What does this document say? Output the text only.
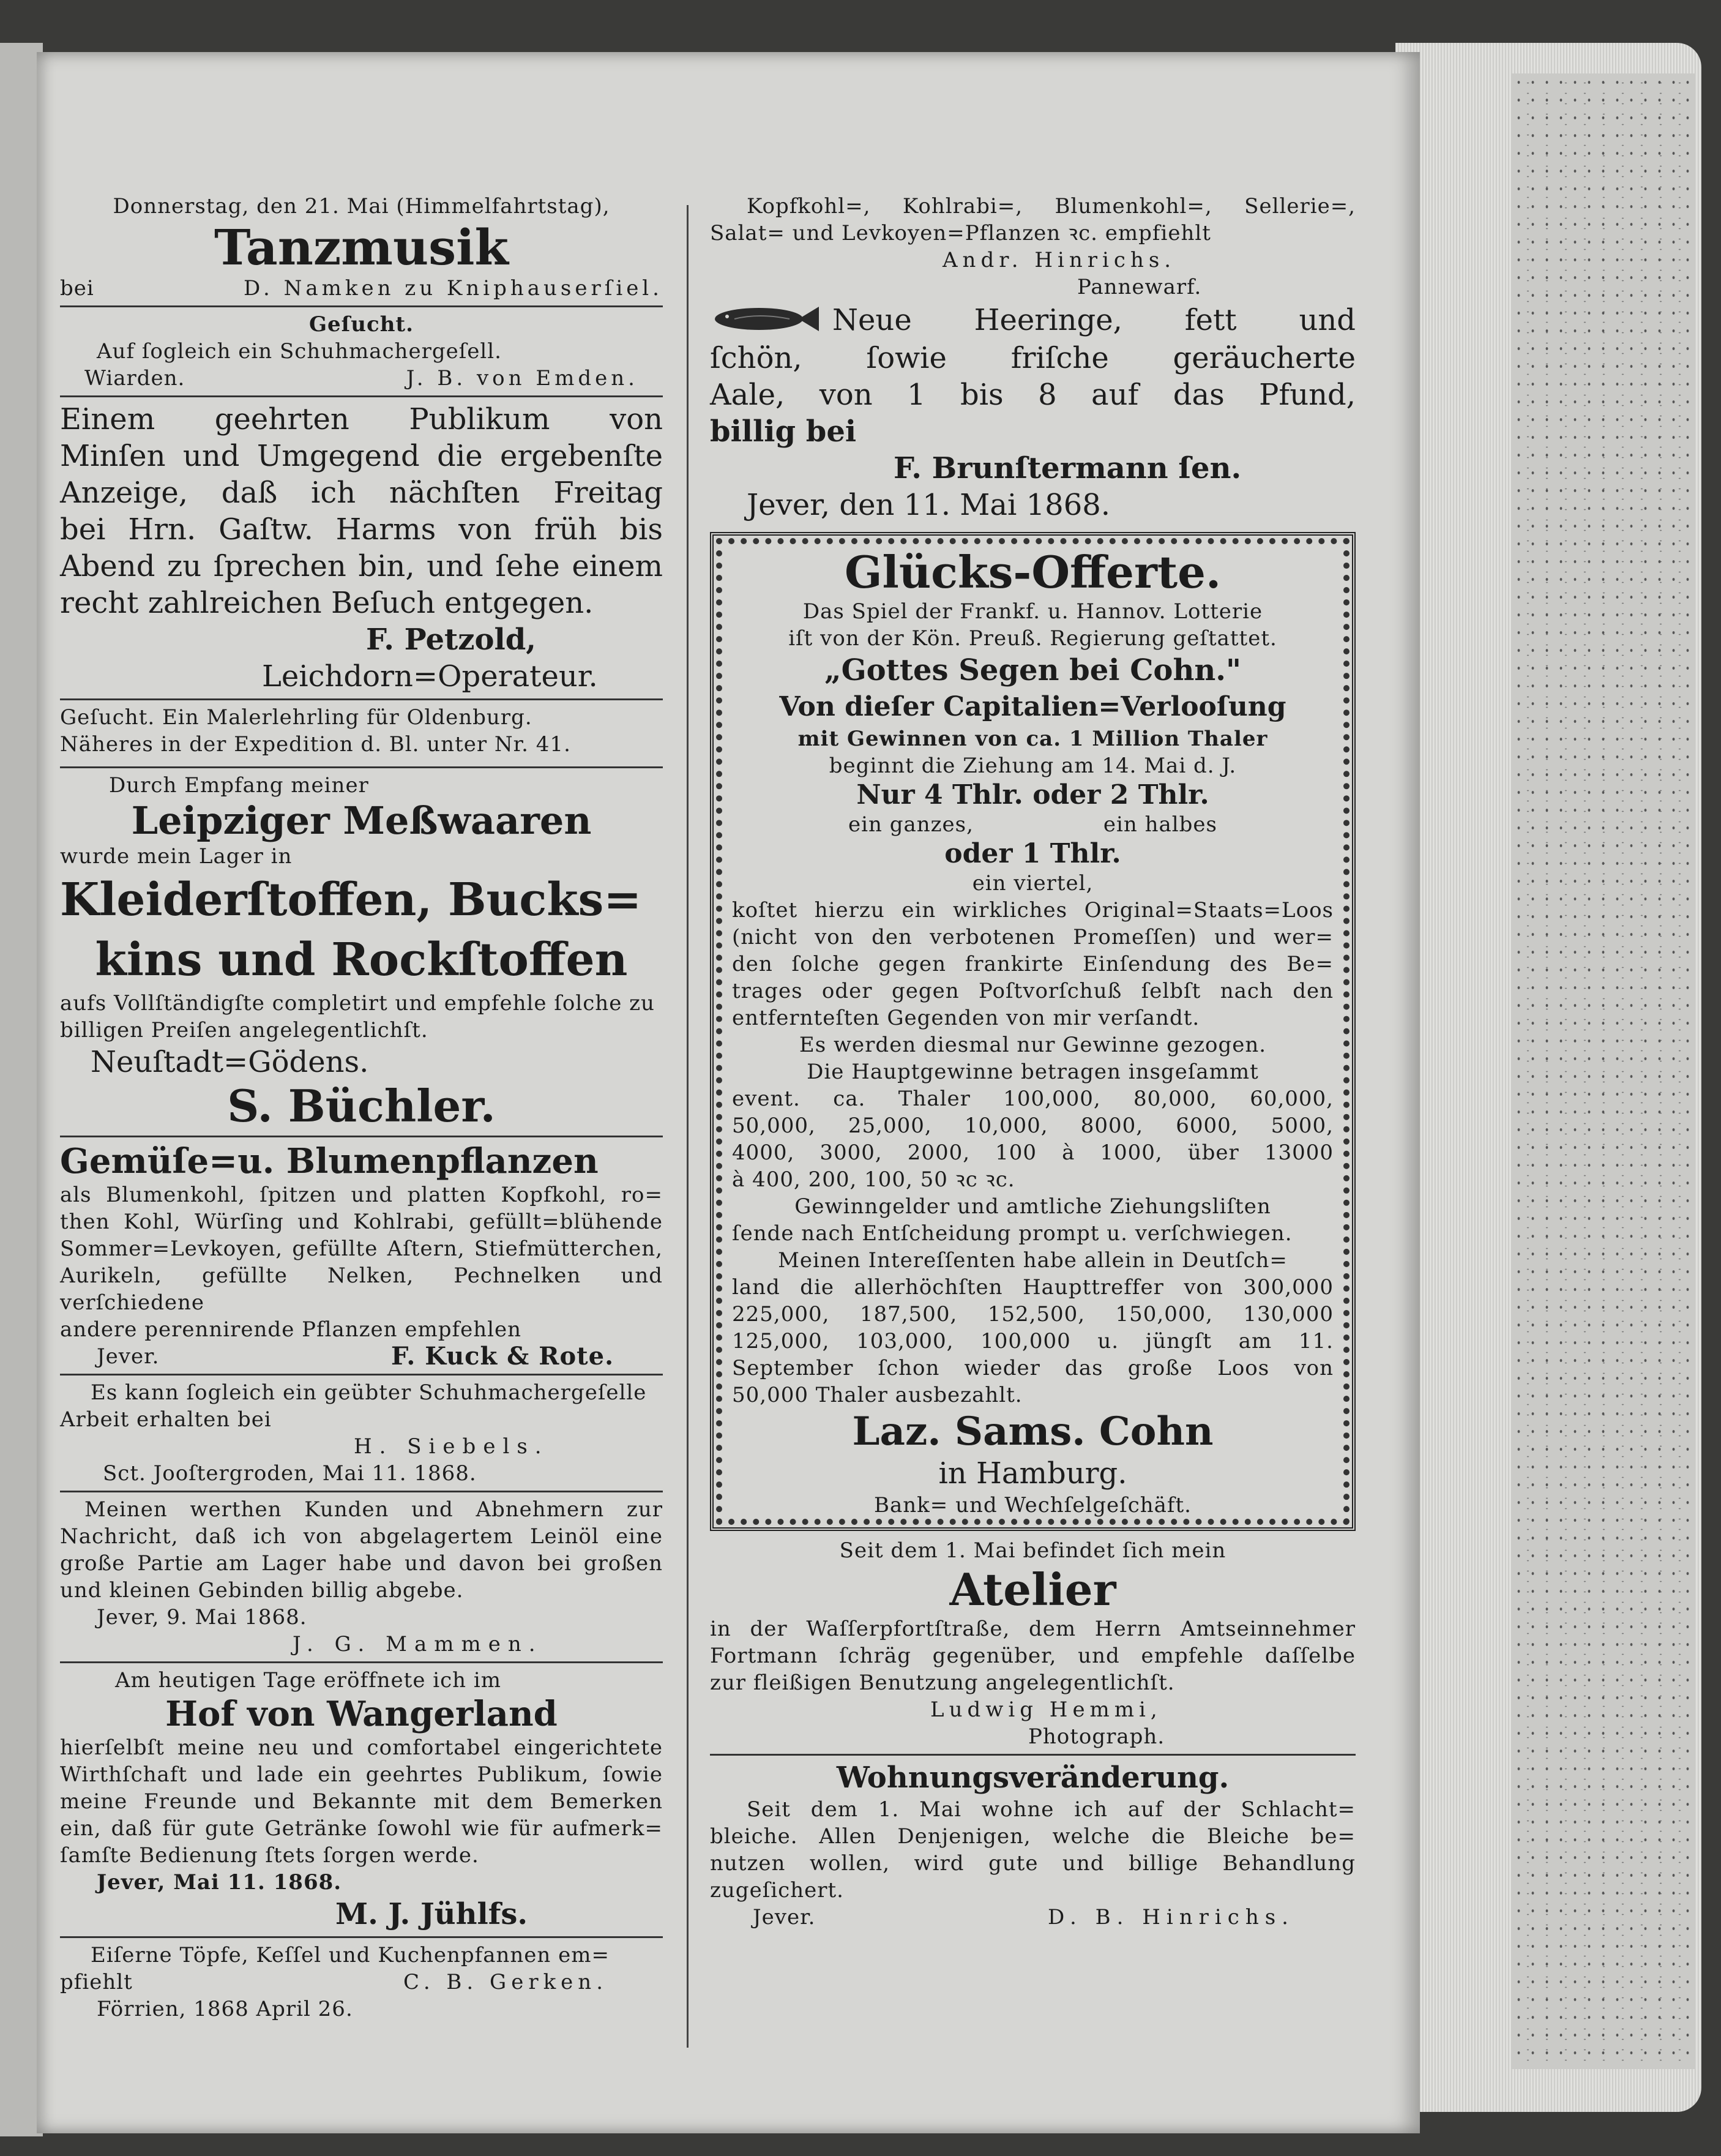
Donnerstag, den 21. Mai (Himmelfahrtstag),

Tanzmusik

bei	D. Namken zu Kniphauserſiel.

Geſucht.

Auf ſogleich ein Schuhmachergeſell.

Wiarden.	J. B. von Emden.

Einem geehrten Publikum von

Minſen und Umgegend die ergebenſte

Anzeige, daß ich nächſten Freitag

bei Hrn. Gaſtw. Harms von früh bis

Abend zu ſprechen bin, und ſehe einem

recht zahlreichen Beſuch entgegen.

F. Petzold,

Leichdorn=Operateur.

Geſucht. Ein Malerlehrling für Oldenburg.

Näheres in der Expedition d. Bl. unter Nr. 41.

Durch Empfang meiner

Leipziger Meßwaaren

wurde mein Lager in

Kleiderſtoffen, Bucks=

kins und Rockſtoffen

aufs Vollſtändigſte completirt und empfehle ſolche zu

billigen Preiſen angelegentlichſt.

Neuſtadt=Gödens.

S. Büchler.

Gemüſe=u. Blumenpflanzen

als Blumenkohl, ſpitzen und platten Kopfkohl, ro=

then Kohl, Würſing und Kohlrabi, gefüllt=blühende

Sommer=Levkoyen, gefüllte Aſtern, Stiefmütterchen,

Aurikeln, gefüllte Nelken, Pechnelken und verſchiedene

andere perennirende Pflanzen empfehlen

Jever.	F. Kuck & Rote.

Es kann ſogleich ein geübter Schuhmachergeſelle

Arbeit erhalten bei

H. Siebels.

Sct. Jooſtergroden, Mai 11. 1868.

Meinen werthen Kunden und Abnehmern zur

Nachricht, daß ich von abgelagertem Leinöl eine

große Partie am Lager habe und davon bei großen

und kleinen Gebinden billig abgebe.

Jever, 9. Mai 1868.

J. G. Mammen.

Am heutigen Tage eröffnete ich im

Hof von Wangerland

hierſelbſt meine neu und comfortabel eingerichtete

Wirthſchaft und lade ein geehrtes Publikum, ſowie

meine Freunde und Bekannte mit dem Bemerken

ein, daß für gute Getränke ſowohl wie für aufmerk=

ſamſte Bedienung ſtets ſorgen werde.

Jever, Mai 11. 1868.

M. J. Jühlfs.

Eiſerne Töpfe, Keſſel und Kuchenpfannen em=

pfiehlt	C. B. Gerken.

Förrien, 1868 April 26.

Kopfkohl=, Kohlrabi=, Blumenkohl=, Sellerie=,

Salat= und Levkoyen=Pflanzen ꝛc. empfiehlt

Andr. Hinrichs.

Pannewarf.

Neue Heeringe, fett und

ſchön, ſowie friſche geräucherte

Aale, von 1 bis 8 auf das Pfund,

billig bei

F. Brunſtermann ſen.

Jever, den 11. Mai 1868.

Glücks-Offerte.

Das Spiel der Frankf. u. Hannov. Lotterie

iſt von der Kön. Preuß. Regierung geſtattet.

„Gottes Segen bei Cohn."

Von dieſer Capitalien=Verlooſung

mit Gewinnen von ca. 1 Million Thaler

beginnt die Ziehung am 14. Mai d. J.

Nur 4 Thlr. oder 2 Thlr.

ein ganzes,	ein halbes

oder 1 Thlr.

ein viertel,

koſtet hierzu ein wirkliches Original=Staats=Loos

(nicht von den verbotenen Promeſſen) und wer=

den ſolche gegen frankirte Einſendung des Be=

trages oder gegen Poſtvorſchuß ſelbſt nach den

entfernteſten Gegenden von mir verſandt.

Es werden diesmal nur Gewinne gezogen.

Die Hauptgewinne betragen insgeſammt

event. ca. Thaler 100,000, 80,000, 60,000,

50,000, 25,000, 10,000, 8000, 6000, 5000,

4000, 3000, 2000, 100 à 1000, über 13000

à 400, 200, 100, 50 ꝛc ꝛc.

Gewinngelder und amtliche Ziehungsliſten

ſende nach Entſcheidung prompt u. verſchwiegen.

Meinen Intereſſenten habe allein in Deutſch=

land die allerhöchſten Haupttreffer von 300,000

225,000, 187,500, 152,500, 150,000, 130,000

125,000, 103,000, 100,000 u. jüngſt am 11.

September ſchon wieder das große Loos von

50,000 Thaler ausbezahlt.

Laz. Sams. Cohn

in Hamburg.

Bank= und Wechſelgeſchäft.

Seit dem 1. Mai befindet ſich mein

Atelier

in der Waſſerpfortſtraße, dem Herrn Amtseinnehmer

Fortmann ſchräg gegenüber, und empfehle daſſelbe

zur fleißigen Benutzung angelegentlichſt.

Ludwig Hemmi,

Photograph.

Wohnungsveränderung.

Seit dem 1. Mai wohne ich auf der Schlacht=

bleiche. Allen Denjenigen, welche die Bleiche be=

nutzen wollen, wird gute und billige Behandlung

zugeſichert.

Jever.	D. B. Hinrichs.
